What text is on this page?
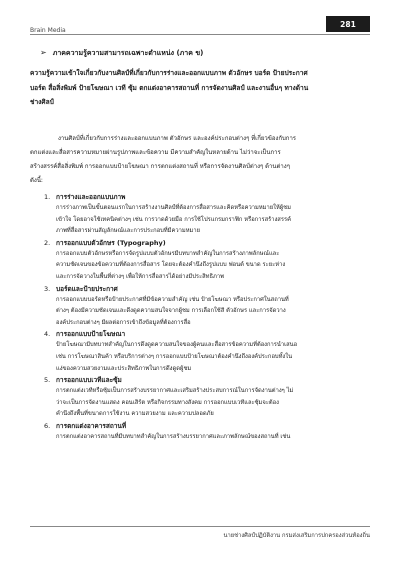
Brain Media
281
➢ ภาคความรู้ความสามารถเฉพาะตำแหน่ง (ภาค ข)
ความรู้ความเข้าใจเกี่ยวกับงานศิลป์ที่เกี่ยวกับการร่างและออกแบบภาพ ตัวอักษร บอร์ด ป้ายประกาศ
บอร์ด สื่อสิ่งพิมพ์ ป้ายโฆษณา เวที ซุ้ม ตกแต่งอาคารสถานที่ การจัดงานศิลป์ และงานอื่นๆ ทางด้าน
ช่างศิลป์
งานศิลป์ที่เกี่ยวกับการร่างและออกแบบภาพ ตัวอักษร และองค์ประกอบต่างๆ ที่เกี่ยวข้องกับการ
ตกแต่งและสื่อสารความหมายผ่านรูปภาพและข้อความ มีความสำคัญในหลายด้าน ไม่ว่าจะเป็นการ
สร้างสรรค์สื่อสิ่งพิมพ์ การออกแบบป้ายโฆษณา การตกแต่งสถานที่ หรือการจัดงานศิลป์ต่างๆ ด้านต่างๆ
ดังนี้:
1. การร่างและออกแบบภาพ
การร่างภาพเป็นขั้นตอนแรกในการสร้างงานศิลป์ที่ต้องการสื่อสารและคิดหรือความหมายให้ผู้ชม
เข้าใจ โดยอาจใช้เทคนิคต่างๆ เช่น การวาดด้วยมือ การใช้โปรแกรมกราฟิก หรือการสร้างสรรค์
ภาพที่สื่อสารผ่านสัญลักษณ์และการประกอบที่มีความหมาย
2. การออกแบบตัวอักษร (Typography)
การออกแบบตัวอักษรหรือการจัดรูปแบบตัวอักษรมีบทบาทสำคัญในการสร้างภาพลักษณ์และ
ความชัดเจนของข้อความที่ต้องการสื่อสาร โดยจะต้องคำนึงถึงรูปแบบ ฟอนต์ ขนาด ระยะห่าง
และการจัดวางในพื้นที่ต่างๆ เพื่อให้การสื่อสารได้อย่างมีประสิทธิภาพ
3. บอร์ดและป้ายประกาศ
การออกแบบบอร์ดหรือป้ายประกาศที่มีข้อความสำคัญ เช่น ป้ายโฆษณา หรือประกาศในสถานที่
ต่างๆ ต้องมีความชัดเจนและดึงดูดความสนใจจากผู้ชม การเลือกใช้สี ตัวอักษร และการจัดวาง
องค์ประกอบต่างๆ มีผลต่อการเข้าถึงข้อมูลที่ต้องการสื่อ
4. การออกแบบป้ายโฆษณา
ป้ายโฆษณามีบทบาทสำคัญในการดึงดูดความสนใจของผู้คนและสื่อสารข้อความที่ต้องการนำเสนอ
เช่น การโฆษณาสินค้า หรือบริการต่างๆ การออกแบบป้ายโฆษณาต้องคำนึงถึงองค์ประกอบทั้งใน
แง่ของความสวยงามและประสิทธิภาพในการดึงดูดผู้ชม
5. การออกแบบเวทีและซุ้ม
การตกแต่งเวทีหรือซุ้มเป็นการสร้างบรรยากาศและเสริมสร้างประสบการณ์ในการจัดงานต่างๆ ไม่
ว่าจะเป็นการจัดงานแสดง คอนเสิร์ต หรือกิจกรรมทางสังคม การออกแบบเวทีและซุ้มจะต้อง
คำนึงถึงพื้นที่ขนาดการใช้งาน ความสวยงาม และความปลอดภัย
6. การตกแต่งอาคารสถานที่
การตกแต่งอาคารสถานที่มีบทบาทสำคัญในการสร้างบรรยากาศและภาพลักษณ์ของสถานที่ เช่น
นายช่างศิลป์ปฏิบัติงาน กรมส่งเสริมการปกครองส่วนท้องถิ่น
